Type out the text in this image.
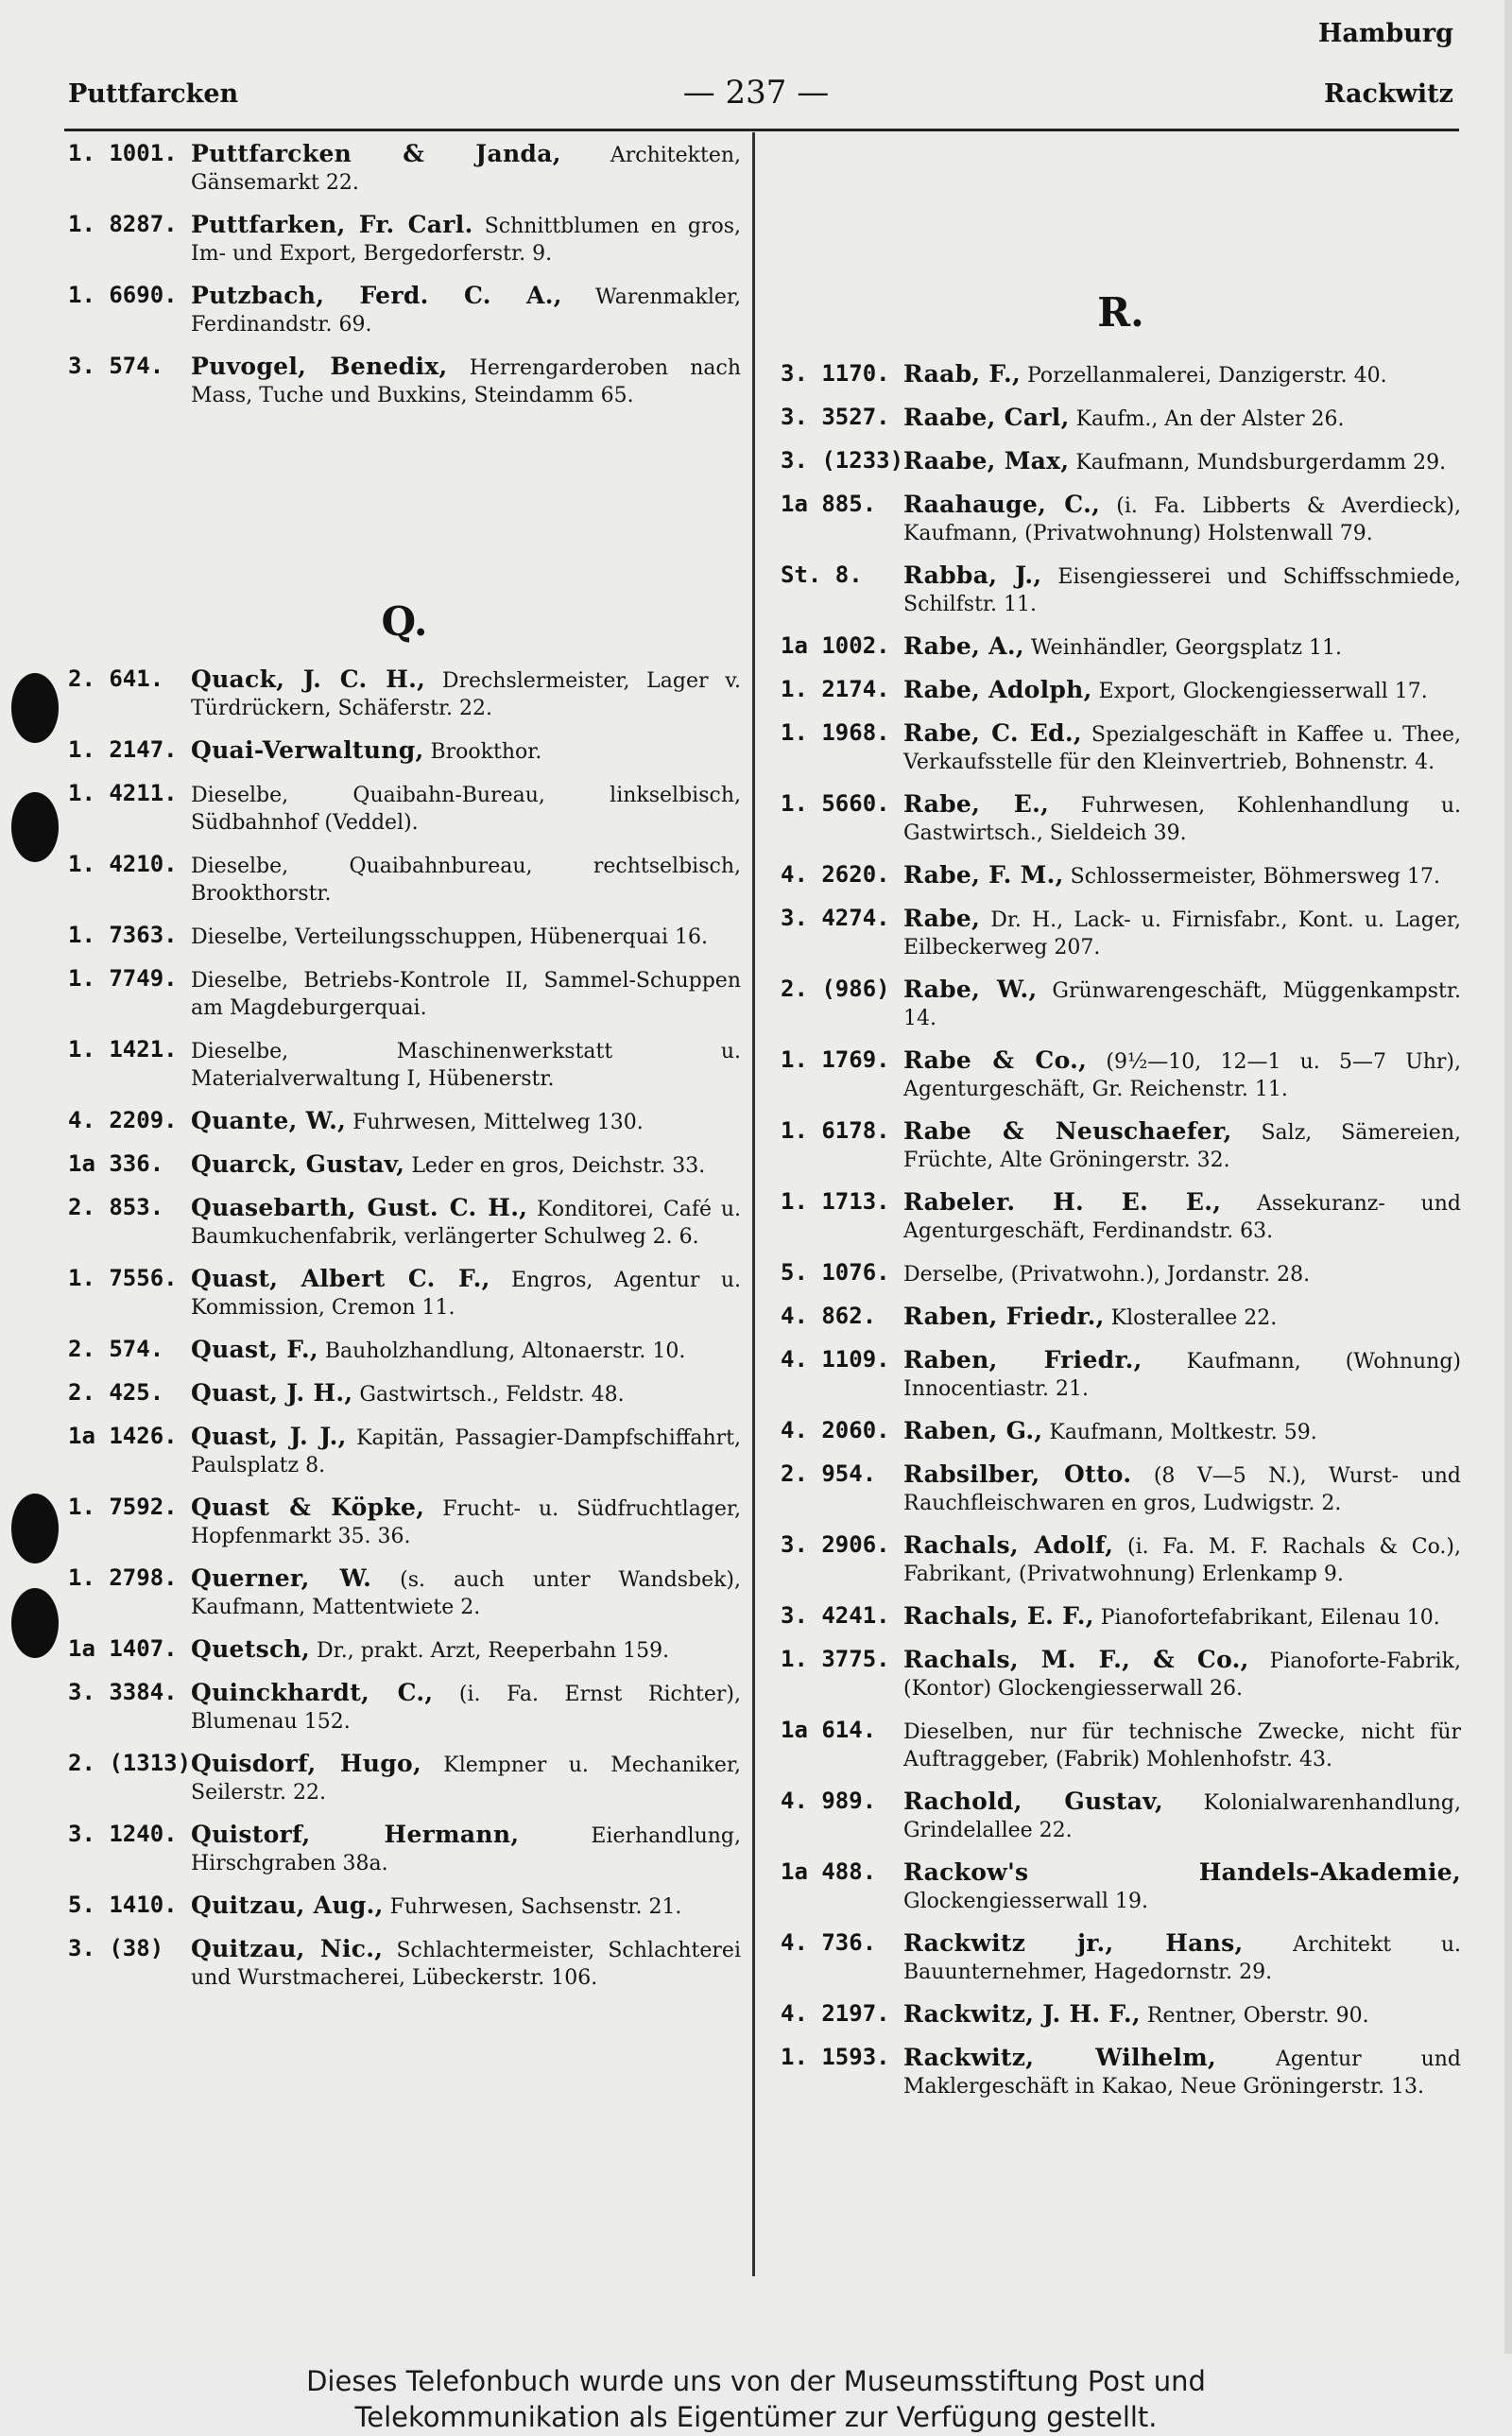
Hamburg
Puttfarcken	— 237 —	Rackwitz
1. 1001. Puttfarcken & Janda, Architekten, Gänsemarkt 22.
1. 8287. Puttfarken, Fr. Carl. Schnittblumen en gros, Im- und Export, Bergedorferstr. 9.
1. 6690. Putzbach, Ferd. C. A., Warenmakler, Ferdinandstr. 69.
3. 574.	Puvogel, Benedix, Herrengarderoben nach Mass, Tuche und Buxkins, Steindamm 65.
Q.
2. 641.	Quack, J. C. H., Drechslermeister, Lager v. Türdrückern, Schäferstr. 22.
1. 2147. Quai-Verwaltung, Brookthor.
1. 4211. Dieselbe, Quaibahn-Bureau, linkselbisch, Südbahnhof (Veddel).
1. 4210. Dieselbe, Quaibahnbureau, rechtselbisch, Brookthorstr.
1. 7363. Dieselbe, Verteilungsschuppen, Hübenerquai 16.
1. 7749. Dieselbe, Betriebs-Kontrole II, Sammel-Schuppen am Magdeburgerquai.
1. 1421. Dieselbe, Maschinenwerkstatt u. Materialverwaltung I, Hübenerstr.
4. 2209. Quante, W., Fuhrwesen, Mittelweg 130.
1a 336.	Quarck, Gustav, Leder en gros, Deichstr. 33.
2. 853.	Quasebarth, Gust. C. H., Konditorei, Café u. Baumkuchenfabrik, verlängerter Schulweg 2. 6.
1. 7556. Quast, Albert C. F., Engros, Agentur u. Kommission, Cremon 11.
2. 574.	Quast, F., Bauholzhandlung, Altonaerstr. 10.
2. 425.	Quast, J. H., Gastwirtsch., Feldstr. 48.
1a 1426. Quast, J. J., Kapitän, Passagier-Dampfschiffahrt, Paulsplatz 8.
1. 7592. Quast & Köpke, Frucht- u. Südfruchtlager, Hopfenmarkt 35. 36.
1. 2798. Querner, W. (s. auch unter Wandsbek), Kaufmann, Mattentwiete 2.
1a 1407. Quetsch, Dr., prakt. Arzt, Reeperbahn 159.
3. 3384. Quinckhardt, C., (i. Fa. Ernst Richter), Blumenau 152.
2. (1313) Quisdorf, Hugo, Klempner u. Mechaniker, Seilerstr. 22.
3. 1240. Quistorf, Hermann, Eierhandlung, Hirschgraben 38a.
5. 1410. Quitzau, Aug., Fuhrwesen, Sachsenstr. 21.
3. (38)	Quitzau, Nic., Schlachtermeister, Schlachterei und Wurstmacherei, Lübeckerstr. 106.
R.
3. 1170. Raab, F., Porzellanmalerei, Danzigerstr. 40.
3. 3527. Raabe, Carl, Kaufm., An der Alster 26.
3. (1233) Raabe, Max, Kaufmann, Mundsburgerdamm 29.
1a 885.	Raahauge, C., (i. Fa. Libberts & Averdieck), Kaufmann, (Privatwohnung) Holstenwall 79.
St. 8.	Rabba, J., Eisengiesserei und Schiffsschmiede, Schilfstr. 11.
1a 1002. Rabe, A., Weinhändler, Georgsplatz 11.
1. 2174. Rabe, Adolph, Export, Glockengiesserwall 17.
1. 1968. Rabe, C. Ed., Spezialgeschäft in Kaffee u. Thee, Verkaufsstelle für den Kleinvertrieb, Bohnenstr. 4.
1. 5660. Rabe, E., Fuhrwesen, Kohlenhandlung u. Gastwirtsch., Sieldeich 39.
4. 2620. Rabe, F. M., Schlossermeister, Böhmersweg 17.
3. 4274. Rabe, Dr. H., Lack- u. Firnisfabr., Kont. u. Lager, Eilbeckerweg 207.
2. (986) Rabe, W., Grünwarengeschäft, Müggenkampstr. 14.
1. 1769. Rabe & Co., (9½—10, 12—1 u. 5—7 Uhr), Agenturgeschäft, Gr. Reichenstr. 11.
1. 6178. Rabe & Neuschaefer, Salz, Sämereien, Früchte, Alte Gröningerstr. 32.
1. 1713. Rabeler. H. E. E., Assekuranz- und Agenturgeschäft, Ferdinandstr. 63.
5. 1076. Derselbe, (Privatwohn.), Jordanstr. 28.
4. 862.	Raben, Friedr., Klosterallee 22.
4. 1109. Raben, Friedr., Kaufmann, (Wohnung) Innocentiastr. 21.
4. 2060. Raben, G., Kaufmann, Moltkestr. 59.
2. 954.	Rabsilber, Otto. (8 V—5 N.), Wurst- und Rauchfleischwaren en gros, Ludwigstr. 2.
3. 2906. Rachals, Adolf, (i. Fa. M. F. Rachals & Co.), Fabrikant, (Privatwohnung) Erlenkamp 9.
3. 4241. Rachals, E. F., Pianofortefabrikant, Eilenau 10.
1. 3775. Rachals, M. F., & Co., Pianoforte-Fabrik, (Kontor) Glockengiesserwall 26.
1a 614.	Dieselben, nur für technische Zwecke, nicht für Auftraggeber, (Fabrik) Mohlenhofstr. 43.
4. 989.	Rachold, Gustav, Kolonialwarenhandlung, Grindelallee 22.
1a 488.	Rackow's Handels-Akademie, Glockengiesserwall 19.
4. 736.	Rackwitz jr., Hans, Architekt u. Bauunternehmer, Hagedornstr. 29.
4. 2197. Rackwitz, J. H. F., Rentner, Oberstr. 90.
1. 1593. Rackwitz, Wilhelm, Agentur und Maklergeschäft in Kakao, Neue Gröningerstr. 13.
Dieses Telefonbuch wurde uns von der Museumsstiftung Post und
Telekommunikation als Eigentümer zur Verfügung gestellt.
